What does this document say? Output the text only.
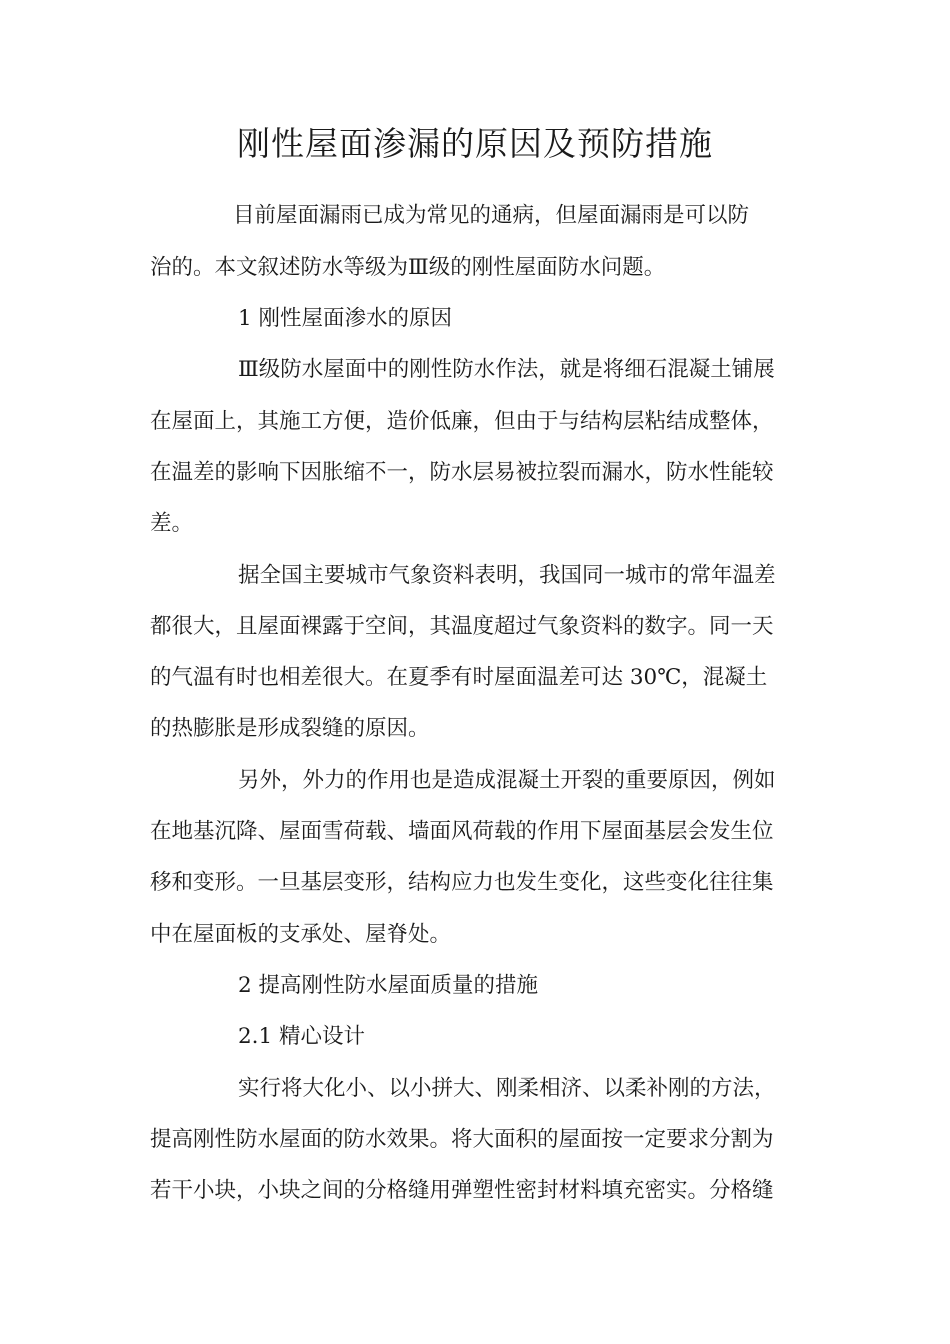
刚性屋面渗漏的原因及预防措施

目前屋面漏雨已成为常见的通病，但屋面漏雨是可以防

治的。本文叙述防水等级为Ⅲ级的刚性屋面防水问题。

1 刚性屋面渗水的原因

Ⅲ级防水屋面中的刚性防水作法，就是将细石混凝土铺展

在屋面上，其施工方便，造价低廉，但由于与结构层粘结成整体，

在温差的影响下因胀缩不一，防水层易被拉裂而漏水，防水性能较

差。

据全国主要城市气象资料表明，我国同一城市的常年温差

都很大，且屋面裸露于空间，其温度超过气象资料的数字。同一天

的气温有时也相差很大。在夏季有时屋面温差可达 30℃，混凝土

的热膨胀是形成裂缝的原因。

另外，外力的作用也是造成混凝土开裂的重要原因，例如

在地基沉降、屋面雪荷载、墙面风荷载的作用下屋面基层会发生位

移和变形。一旦基层变形，结构应力也发生变化，这些变化往往集

中在屋面板的支承处、屋脊处。

2 提高刚性防水屋面质量的措施

2.1 精心设计

实行将大化小、以小拼大、刚柔相济、以柔补刚的方法，

提高刚性防水屋面的防水效果。将大面积的屋面按一定要求分割为

若干小块，小块之间的分格缝用弹塑性密封材料填充密实。分格缝
